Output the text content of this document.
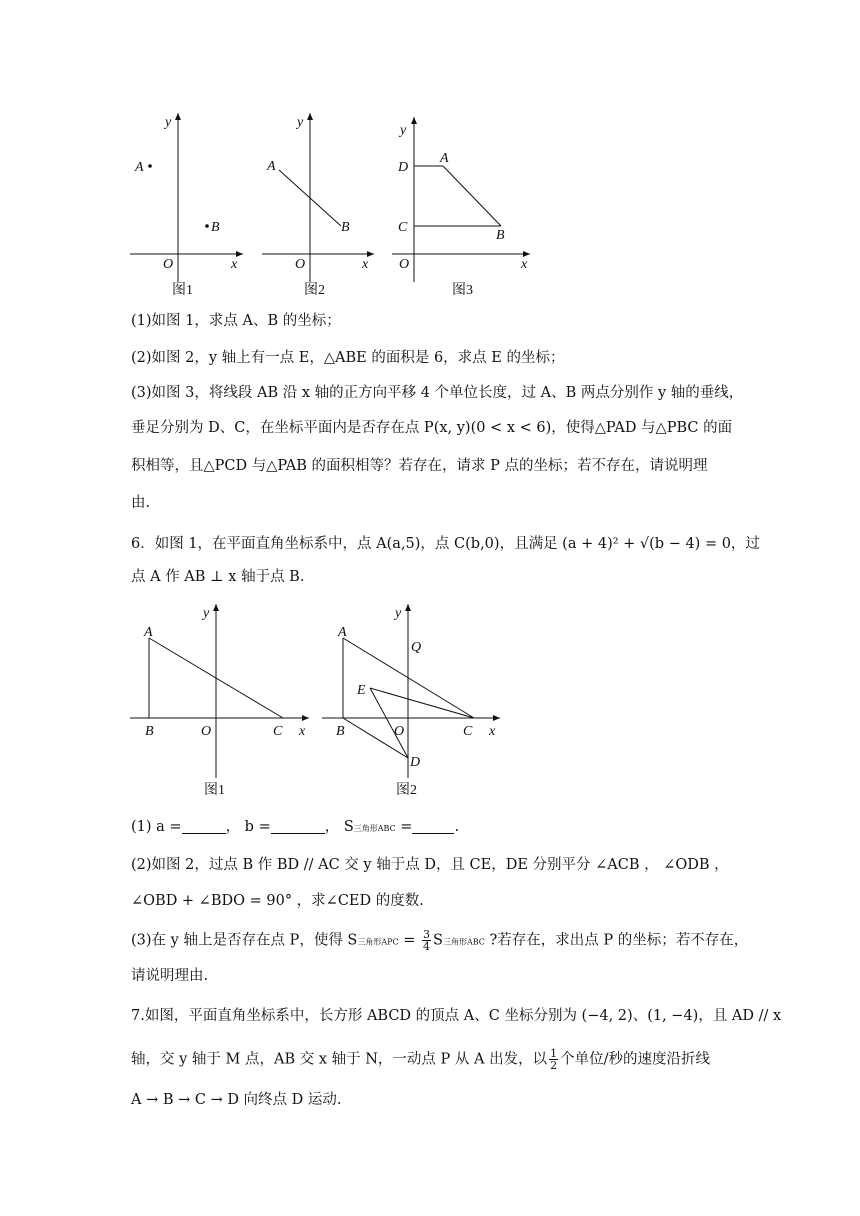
y
x
O
A
B
图1
y
x
O
A
B
图2
y
x
O
D
A
C
B
图3
(1)如图 1，求点 A、B 的坐标；
(2)如图 2，y 轴上有一点 E，△ABE 的面积是 6，求点 E 的坐标；
(3)如图 3，将线段 AB 沿 x 轴的正方向平移 4 个单位长度，过 A、B 两点分别作 y 轴的垂线，
垂足分别为 D、C，在坐标平面内是否存在点 P(x, y)(0 < x < 6)，使得△PAD 与△PBC 的面
积相等，且△PCD 与△PAB 的面积相等？若存在，请求 P 点的坐标；若不存在，请说明理
由.
6．如图 1，在平面直角坐标系中，点 A(a,5)，点 C(b,0)，且满足 (a + 4)² + √(b − 4) = 0，过
点 A 作 AB ⊥ x 轴于点 B.
y
x
A
B	O	C
图1
y
x
A
Q
E
B	O	C
D
图2
(1) a =	， b =	， S三角形ABC =	.
(2)如图 2，过点 B 作 BD // AC 交 y 轴于点 D，且 CE，DE 分别平分 ∠ACB ， ∠ODB ，
∠OBD + ∠BDO = 90° ，求∠CED 的度数.
(3)在 y 轴上是否存在点 P，使得 S三角形APC = $\frac{3}{4}$ S三角形ABC ?若存在，求出点 P 的坐标；若不存在，
请说明理由.
7.如图，平面直角坐标系中，长方形 ABCD 的顶点 A、C 坐标分别为 (−4, 2)、(1, −4)，且 AD // x
轴，交 y 轴于 M 点，AB 交 x 轴于 N，一动点 P 从 A 出发，以 $\frac{1}{2}$ 个单位/秒的速度沿折线
A → B → C → D 向终点 D 运动.
